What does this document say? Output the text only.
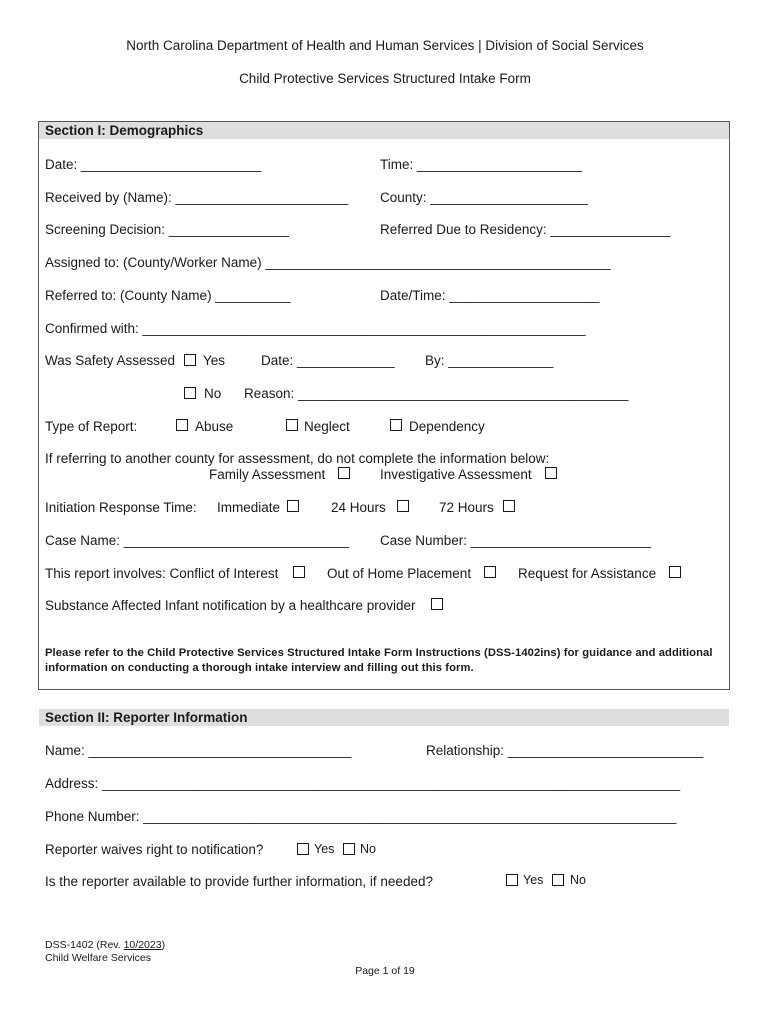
North Carolina Department of Health and Human Services | Division of Social Services
Child Protective Services Structured Intake Form
Section I: Demographics
Date: ________________________	Time: ______________________
Received by (Name): _______________________ County: _____________________
Screening Decision: ________________	Referred Due to Residency: ________________
Assigned to: (County/Worker Name) ______________________________________________
Referred to: (County Name) __________	Date/Time: ____________________
Confirmed with: ___________________________________________________________
Was Safety Assessed Yes	Date: _____________ By: ______________
No Reason: ____________________________________________
Type of Report:	Abuse	Neglect	Dependency
If referring to another county for assessment, do not complete the information below:
Family Assessment	Investigative Assessment
Initiation Response Time: Immediate	24 Hours	72 Hours
Case Name: ______________________________ Case Number: ________________________
This report involves: Conflict of Interest	Out of Home Placement	Request for Assistance
Substance Affected Infant notification by a healthcare provider
Please refer to the Child Protective Services Structured Intake Form Instructions (DSS-1402ins) for guidance and additional information on conducting a thorough intake interview and filling out this form.
Section II: Reporter Information
Name: ___________________________________	Relationship: __________________________
Address: _____________________________________________________________________________
Phone Number: _______________________________________________________________________
Reporter waives right to notification?	Yes No
Is the reporter available to provide further information, if needed?	Yes No
DSS-1402 (Rev. 10/2023)
Child Welfare Services
Page 1 of 19
